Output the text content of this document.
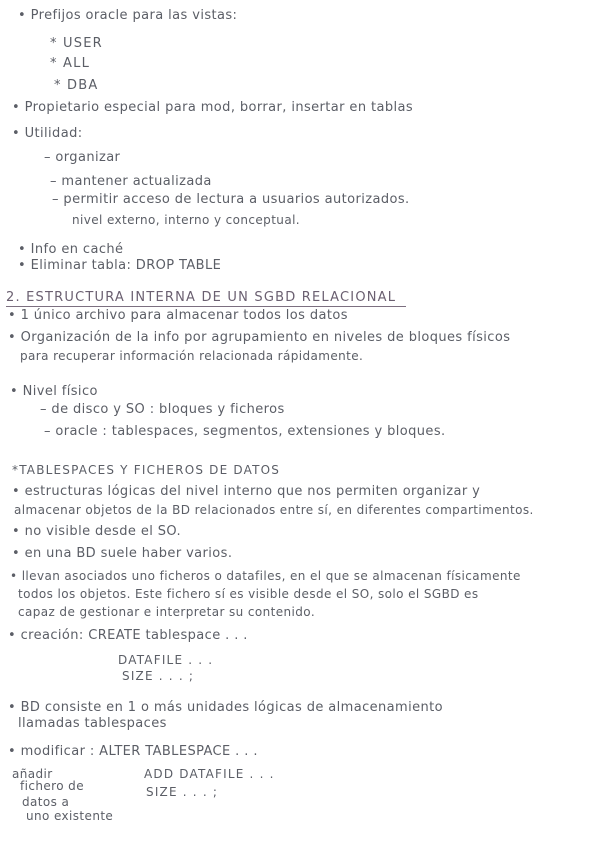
• Prefijos oracle para las vistas:
* USER
* ALL
* DBA
• Propietario especial para mod, borrar, insertar en tablas
• Utilidad:
– organizar
– mantener actualizada
– permitir acceso de lectura a usuarios autorizados.
nivel externo, interno y conceptual.
• Info en caché
• Eliminar tabla: DROP TABLE
2. ESTRUCTURA INTERNA DE UN SGBD RELACIONAL
• 1 único archivo para almacenar todos los datos
• Organización de la info por agrupamiento en niveles de bloques físicos
para recuperar información relacionada rápidamente.
• Nivel físico
– de disco y SO : bloques y ficheros
– oracle : tablespaces, segmentos, extensiones y bloques.
*TABLESPACES Y FICHEROS DE DATOS
• estructuras lógicas del nivel interno que nos permiten organizar y
almacenar objetos de la BD relacionados entre sí, en diferentes compartimentos.
• no visible desde el SO.
• en una BD suele haber varios.
• llevan asociados uno ficheros o datafiles, en el que se almacenan físicamente
todos los objetos. Este fichero sí es visible desde el SO, solo el SGBD es
capaz de gestionar e interpretar su contenido.
• creación: CREATE tablespace . . .
DATAFILE . . .
SIZE . . . ;
• BD consiste en 1 o más unidades lógicas de almacenamiento
llamadas tablespaces
• modificar : ALTER TABLESPACE . . .
añadir	ADD DATAFILE . . .
fichero de	SIZE . . . ;
datos a
uno existente
